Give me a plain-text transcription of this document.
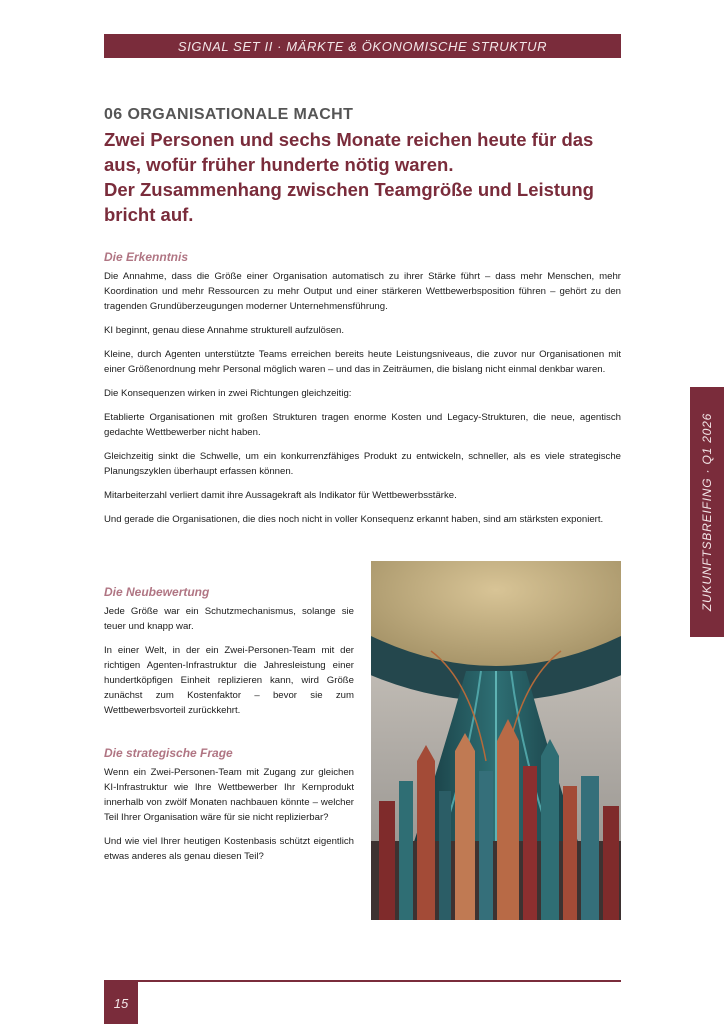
SIGNAL SET II · MÄRKTE & ÖKONOMISCHE STRUKTUR
06 ORGANISATIONALE MACHT
Zwei Personen und sechs Monate reichen heute für das
aus, wofür früher hunderte nötig waren.
Der Zusammenhang zwischen Teamgröße und Leistung
bricht auf.
Die Erkenntnis

Die Annahme, dass die Größe einer Organisation automatisch zu ihrer Stärke führt – dass mehr Menschen, mehr Koordination und mehr Ressourcen zu mehr Output und einer stärkeren Wettbewerbsposition führen – gehört zu den tragenden Grundüberzeugungen moderner Unternehmensführung.

KI beginnt, genau diese Annahme strukturell aufzulösen.

Kleine, durch Agenten unterstützte Teams erreichen bereits heute Leistungsniveaus, die zuvor nur Organisationen mit einer Größenordnung mehr Personal möglich waren – und das in Zeiträumen, die bislang nicht einmal denkbar waren.

Die Konsequenzen wirken in zwei Richtungen gleichzeitig:

Etablierte Organisationen mit großen Strukturen tragen enorme Kosten und Legacy-Strukturen, die neue, agentisch gedachte Wettbewerber nicht haben.

Gleichzeitig sinkt die Schwelle, um ein konkurrenzfähiges Produkt zu entwickeln, schneller, als es viele strategische Planungszyklen überhaupt erfassen können.

Mitarbeiterzahl verliert damit ihre Aussagekraft als Indikator für Wettbewerbsstärke.

Und gerade die Organisationen, die dies noch nicht in voller Konsequenz erkannt haben, sind am stärksten exponiert.

Die Neubewertung

Jede Größe war ein Schutzmechanismus, solange sie teuer und knapp war.

In einer Welt, in der ein Zwei-Personen-Team mit der richtigen Agenten-Infrastruktur die Jahresleistung einer hundertköpfigen Einheit replizieren kann, wird Größe zunächst zum Kostenfaktor – bevor sie zum Wettbewerbsvorteil zurückkehrt.

Die strategische Frage

Wenn ein Zwei-Personen-Team mit Zugang zur gleichen KI-Infrastruktur wie Ihre Wettbewerber Ihr Kernprodukt innerhalb von zwölf Monaten nachbauen könnte – welcher Teil Ihrer Organisation wäre für sie nicht replizierbar?

Und wie viel Ihrer heutigen Kostenbasis schützt eigentlich etwas anderes als genau diesen Teil?

15
ZUKUNFTSBREIFING · Q1 2026
